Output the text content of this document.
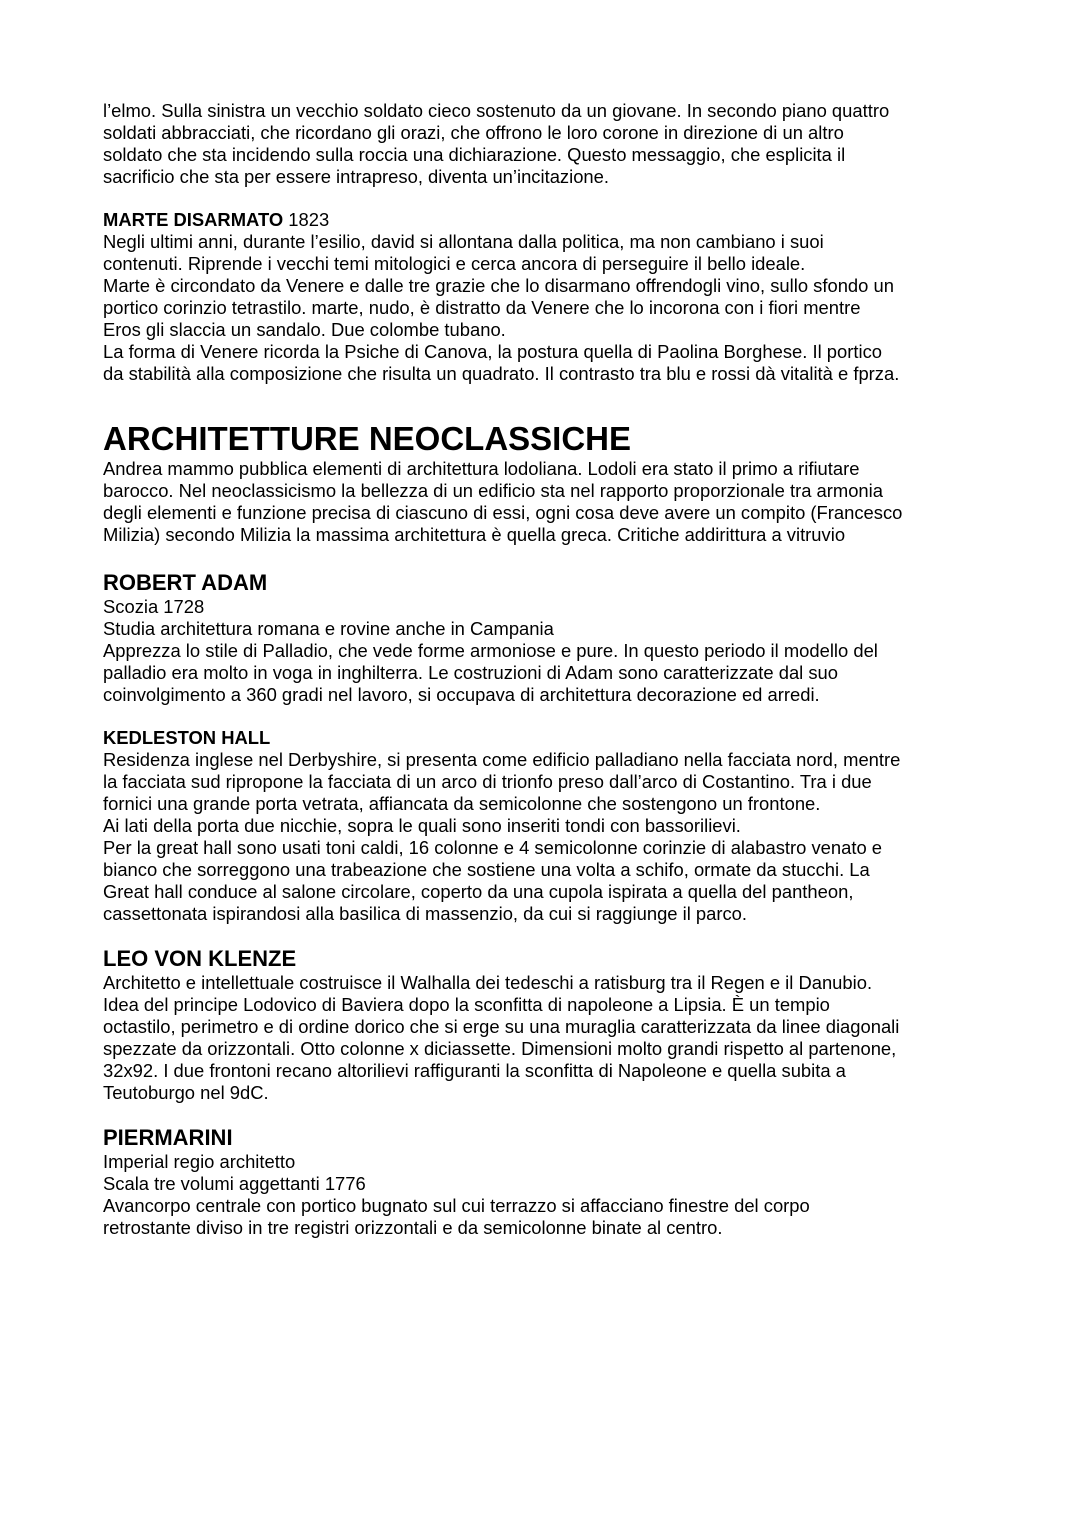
l’elmo. Sulla sinistra un vecchio soldato cieco sostenuto da un giovane. In secondo piano quattro
soldati abbracciati, che ricordano gli orazi, che offrono le loro corone in direzione di un altro
soldato che sta incidendo sulla roccia una dichiarazione. Questo messaggio, che esplicita il
sacrificio che sta per essere intrapreso, diventa un’incitazione.

MARTE DISARMATO 1823

Negli ultimi anni, durante l’esilio, david si allontana dalla politica, ma non cambiano i suoi
contenuti. Riprende i vecchi temi mitologici e cerca ancora di perseguire il bello ideale.
Marte è circondato da Venere e dalle tre grazie che lo disarmano offrendogli vino, sullo sfondo un
portico corinzio tetrastilo. marte, nudo, è distratto da Venere che lo incorona con i fiori mentre
Eros gli slaccia un sandalo. Due colombe tubano.
La forma di Venere ricorda la Psiche di Canova, la postura quella di Paolina Borghese. Il portico
da stabilità alla composizione che risulta un quadrato. Il contrasto tra blu e rossi dà vitalità e fprza.

ARCHITETTURE NEOCLASSICHE

Andrea mammo pubblica elementi di architettura lodoliana. Lodoli era stato il primo a rifiutare
barocco. Nel neoclassicismo la bellezza di un edificio sta nel rapporto proporzionale tra armonia
degli elementi e funzione precisa di ciascuno di essi, ogni cosa deve avere un compito (Francesco
Milizia) secondo Milizia la massima architettura è quella greca. Critiche addirittura a vitruvio

ROBERT ADAM

Scozia 1728
Studia architettura romana e rovine anche in Campania
Apprezza lo stile di Palladio, che vede forme armoniose e pure. In questo periodo il modello del
palladio era molto in voga in inghilterra. Le costruzioni di Adam sono caratterizzate dal suo
coinvolgimento a 360 gradi nel lavoro, si occupava di architettura decorazione ed arredi.

KEDLESTON HALL

Residenza inglese nel Derbyshire, si presenta come edificio palladiano nella facciata nord, mentre
la facciata sud ripropone la facciata di un arco di trionfo preso dall’arco di Costantino. Tra i due
fornici una grande porta vetrata, affiancata da semicolonne che sostengono un frontone.
Ai lati della porta due nicchie, sopra le quali sono inseriti tondi con bassorilievi.
Per la great hall sono usati toni caldi, 16 colonne e 4 semicolonne corinzie di alabastro venato e
bianco che sorreggono una trabeazione che sostiene una volta a schifo, ormate da stucchi. La
Great hall conduce al salone circolare, coperto da una cupola ispirata a quella del pantheon,
cassettonata ispirandosi alla basilica di massenzio, da cui si raggiunge il parco.

LEO VON KLENZE

Architetto e intellettuale costruisce il Walhalla dei tedeschi a ratisburg tra il Regen e il Danubio.
Idea del principe Lodovico di Baviera dopo la sconfitta di napoleone a Lipsia. È un tempio
octastilo, perimetro e di ordine dorico che si erge su una muraglia caratterizzata da linee diagonali
spezzate da orizzontali. Otto colonne x diciassette. Dimensioni molto grandi rispetto al partenone,
32x92. I due frontoni recano altorilievi raffiguranti la sconfitta di Napoleone e quella subita a
Teutoburgo nel 9dC.

PIERMARINI

Imperial regio architetto
Scala tre volumi aggettanti 1776
Avancorpo centrale con portico bugnato sul cui terrazzo si affacciano finestre del corpo
retrostante diviso in tre registri orizzontali e da semicolonne binate al centro.
